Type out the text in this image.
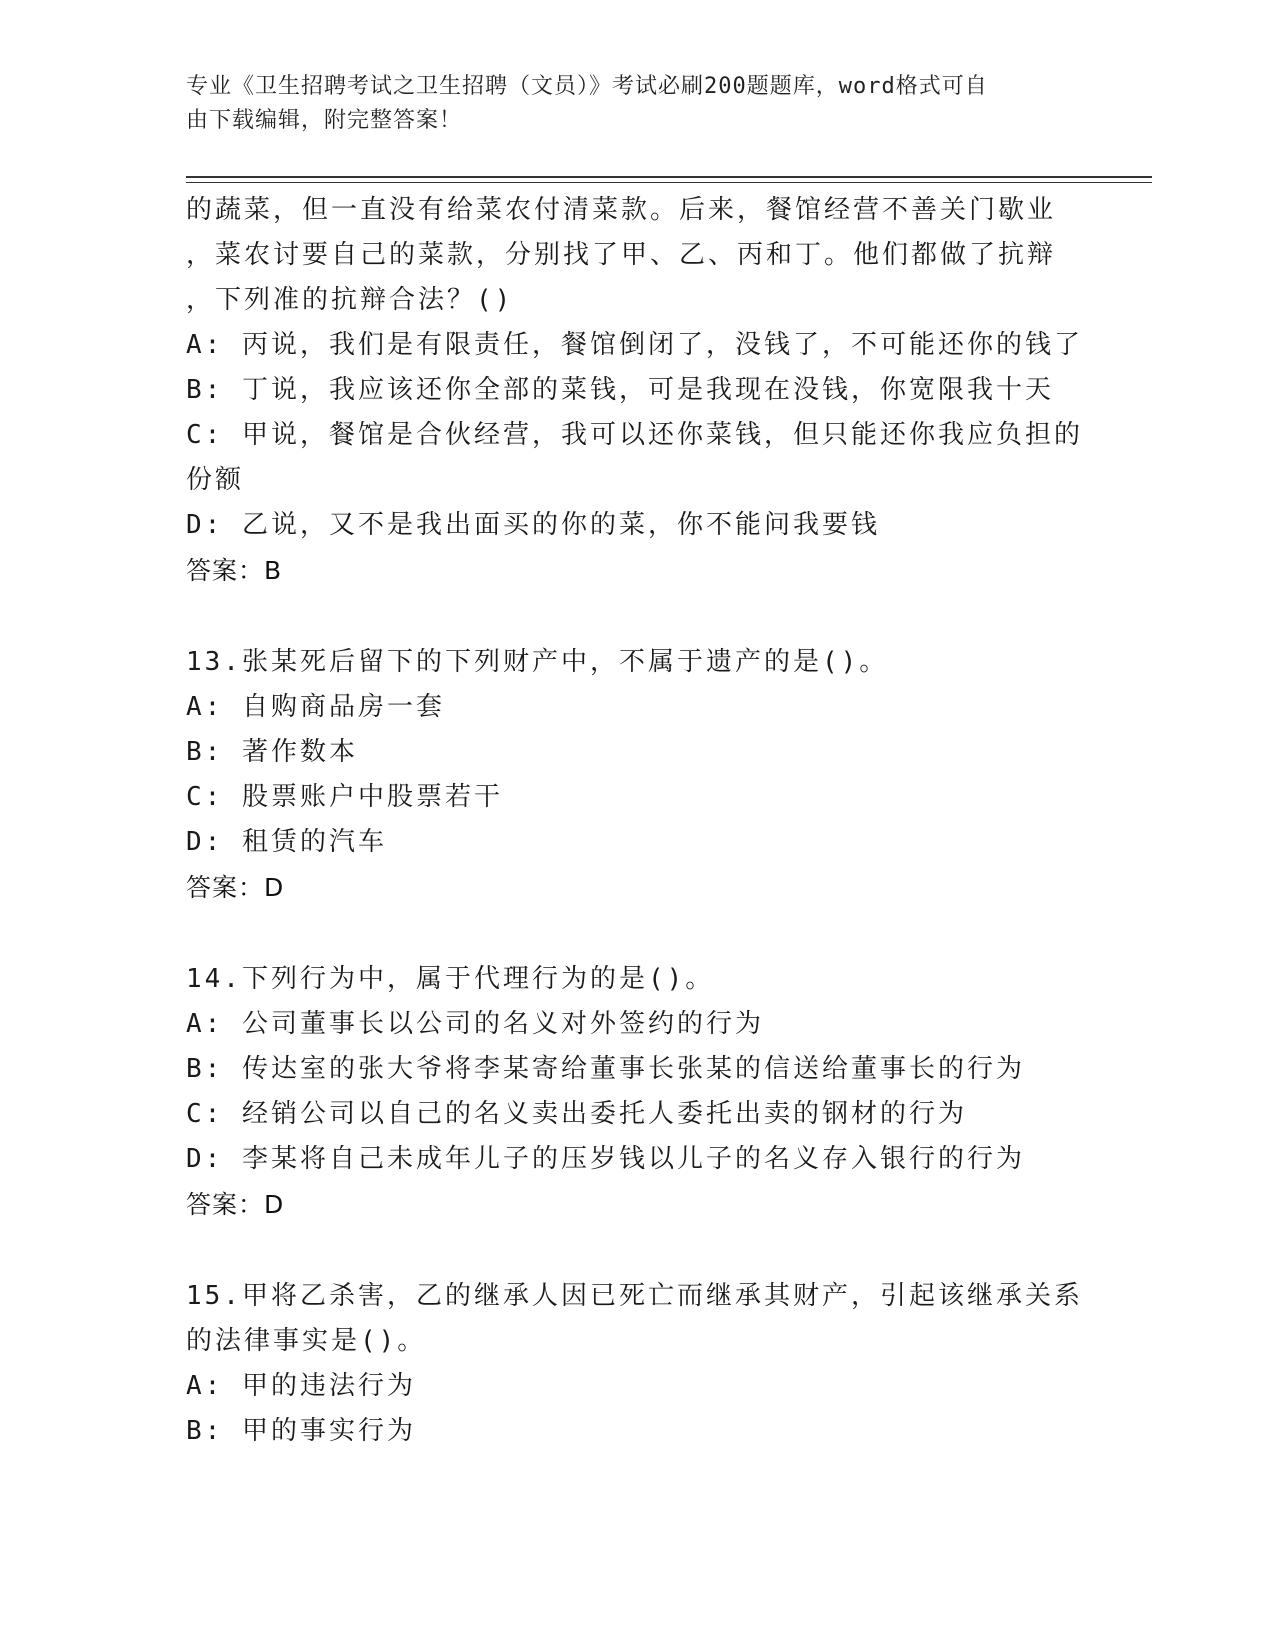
专业《卫生招聘考试之卫生招聘（文员）》考试必刷200题题库，word格式可自
由下载编辑，附完整答案！
的蔬菜，但一直没有给菜农付清菜款。后来，餐馆经营不善关门歇业
，菜农讨要自己的菜款，分别找了甲、乙、丙和丁。他们都做了抗辩
，下列准的抗辩合法？()
A: 丙说，我们是有限责任，餐馆倒闭了，没钱了，不可能还你的钱了
B: 丁说，我应该还你全部的菜钱，可是我现在没钱，你宽限我十天
C: 甲说，餐馆是合伙经营，我可以还你菜钱，但只能还你我应负担的
份额
D: 乙说，又不是我出面买的你的菜，你不能问我要钱
答案：B
13.张某死后留下的下列财产中，不属于遗产的是()。
A: 自购商品房一套
B: 著作数本
C: 股票账户中股票若干
D: 租赁的汽车
答案：D
14.下列行为中，属于代理行为的是()。
A: 公司董事长以公司的名义对外签约的行为
B: 传达室的张大爷将李某寄给董事长张某的信送给董事长的行为
C: 经销公司以自己的名义卖出委托人委托出卖的钢材的行为
D: 李某将自己未成年儿子的压岁钱以儿子的名义存入银行的行为
答案：D
15.甲将乙杀害，乙的继承人因已死亡而继承其财产，引起该继承关系
的法律事实是()。
A: 甲的违法行为
B: 甲的事实行为
